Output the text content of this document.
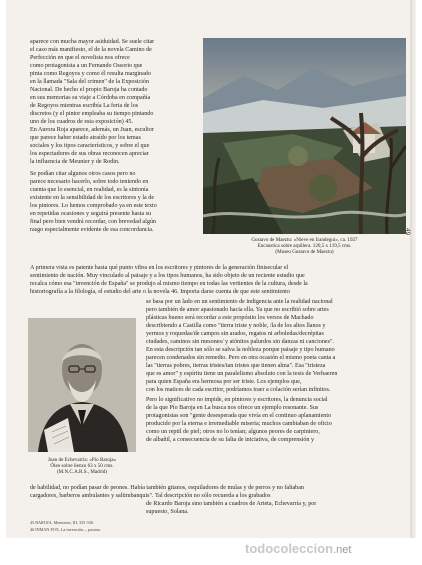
Gustavo de Maeztu: «Nieve en Irandegui», ca. 1927
Encaustica sobre arpillera. 120,5 x 119,5 cms.
(Museo Gustavo de Maeztu)
Juan de Echevarría: «Pío Baroja»
Óleo sobre lienzo 63 x 50 cms.
(M.N.C.A.R.S., Madrid)
aparece con mucha mayor asiduidad. Se suele citar
el caso más manifiesto, el de la novela Camino de
Perfección en que el novelista nos ofrece
como protagonista a un Fernando Ossorio que
pinta como Regoyos y como él resulta marginado
en la llamada "Sala del crimen" de la Exposición
Nacional. De hecho el propio Baroja ha contado
en sus memorias su viaje a Córdoba en compañía
de Regoyos mientras escribía La feria de los
discretos (y el pintor empleaba su tiempo pintando
uno de los cuadros de esta exposición) 45.
En Aurora Roja aparece, además, un Juan, escultor
que parece haber estado atraído por los temas
sociales y los tipos característicos, y sobre el que
los espectadores de sus obras reconocen apreciar
la influencia de Meunier y de Rodin.
Se podían citar algunos otros casos pero no
parece necesario hacerlo, sobre todo teniendo en
cuenta que lo esencial, en realidad, es la sintonía
existente en la sensibilidad de los escritores y la de
los pintores. Lo hemos comprobado ya en este texto
en repetidas ocasiones y seguirá presente hasta su
final pero bien vendrá recordar, con brevedad algún
rasgo especialmente evidente de esa concordancia.
A primera vista es patente hasta qué punto vibra en los escritores y pintores de la generación finisecular el
sentimiento de nación. Muy vinculado al paisaje y a los tipos humanos, ha sido objeto de un reciente estudio que
recalca cómo esa "invención de España" se produjo al mismo tiempo en todas las vertientes de la cultura, desde la
historiografía a la filología, el estudio del arte o la novela 46. Importa darse cuenta de que este sentimiento
se basa por un lado en un sentimiento de indigencia ante la realidad nacional
pero también de amor apasionado hacia ella. Ya que no escribió sobre artes
plásticas bueno será recordar a este propósito los versos de Machado
describiendo a Castilla como "tierra triste y noble, /la de los altos llanos y
yermos y roquedas/de campos sin arados, regatos ni arboledas/decrépitas
ciudades, caminos sin mesones/ y atónitos palurdos sin danzas ni canciones".
En esta descripción tan sólo se salva la nobleza porque paisaje y tipo humano
parecen condenados sin remedio. Pero en otra ocasión el mismo poeta canta a
las "tierras pobres, tierras tristes/tan tristes que tienen alma". Esa "tristeza
que es amor" y espíritu tiene un paralelismo absoluto con la tesis de Verhaeren
para quien España era hermosa por ser triste. Los ejemplos que,
con los matices de cada escritor, podríamos traer a colación serían infinitos.
Pero lo significativo no impide, en pintores y escritores, la denuncia social
de la que Pío Baroja en La busca nos ofrece un ejemplo resonante. Sus
protagonistas son "gente desesperada que vivía en el continuo aplanamiento
producido por la eterna e irremediable miseria; muchos cambiaban de oficio
como un reptil de piel; otros no lo tenían; algunos peores de carpintero,
de albañil, a consecuencia de su falta de iniciativa, de comprensión y
de habilidad, no podían pasar de peones. Había también gitanos, esquiladores de mulas y de perros y no faltaban
cargadores, barberos ambulantes y saltimbanquis". Tal descripción no sólo recuerda a los grabados
de Ricardo Baroja sino también a cuadros de Arteta, Echevarría y, por
supuesto, Solana.
45 BAROJA, Memorias, III, 335-336.
46 INMAN FOX, La invención..., passim.
49
todocoleccion.net
